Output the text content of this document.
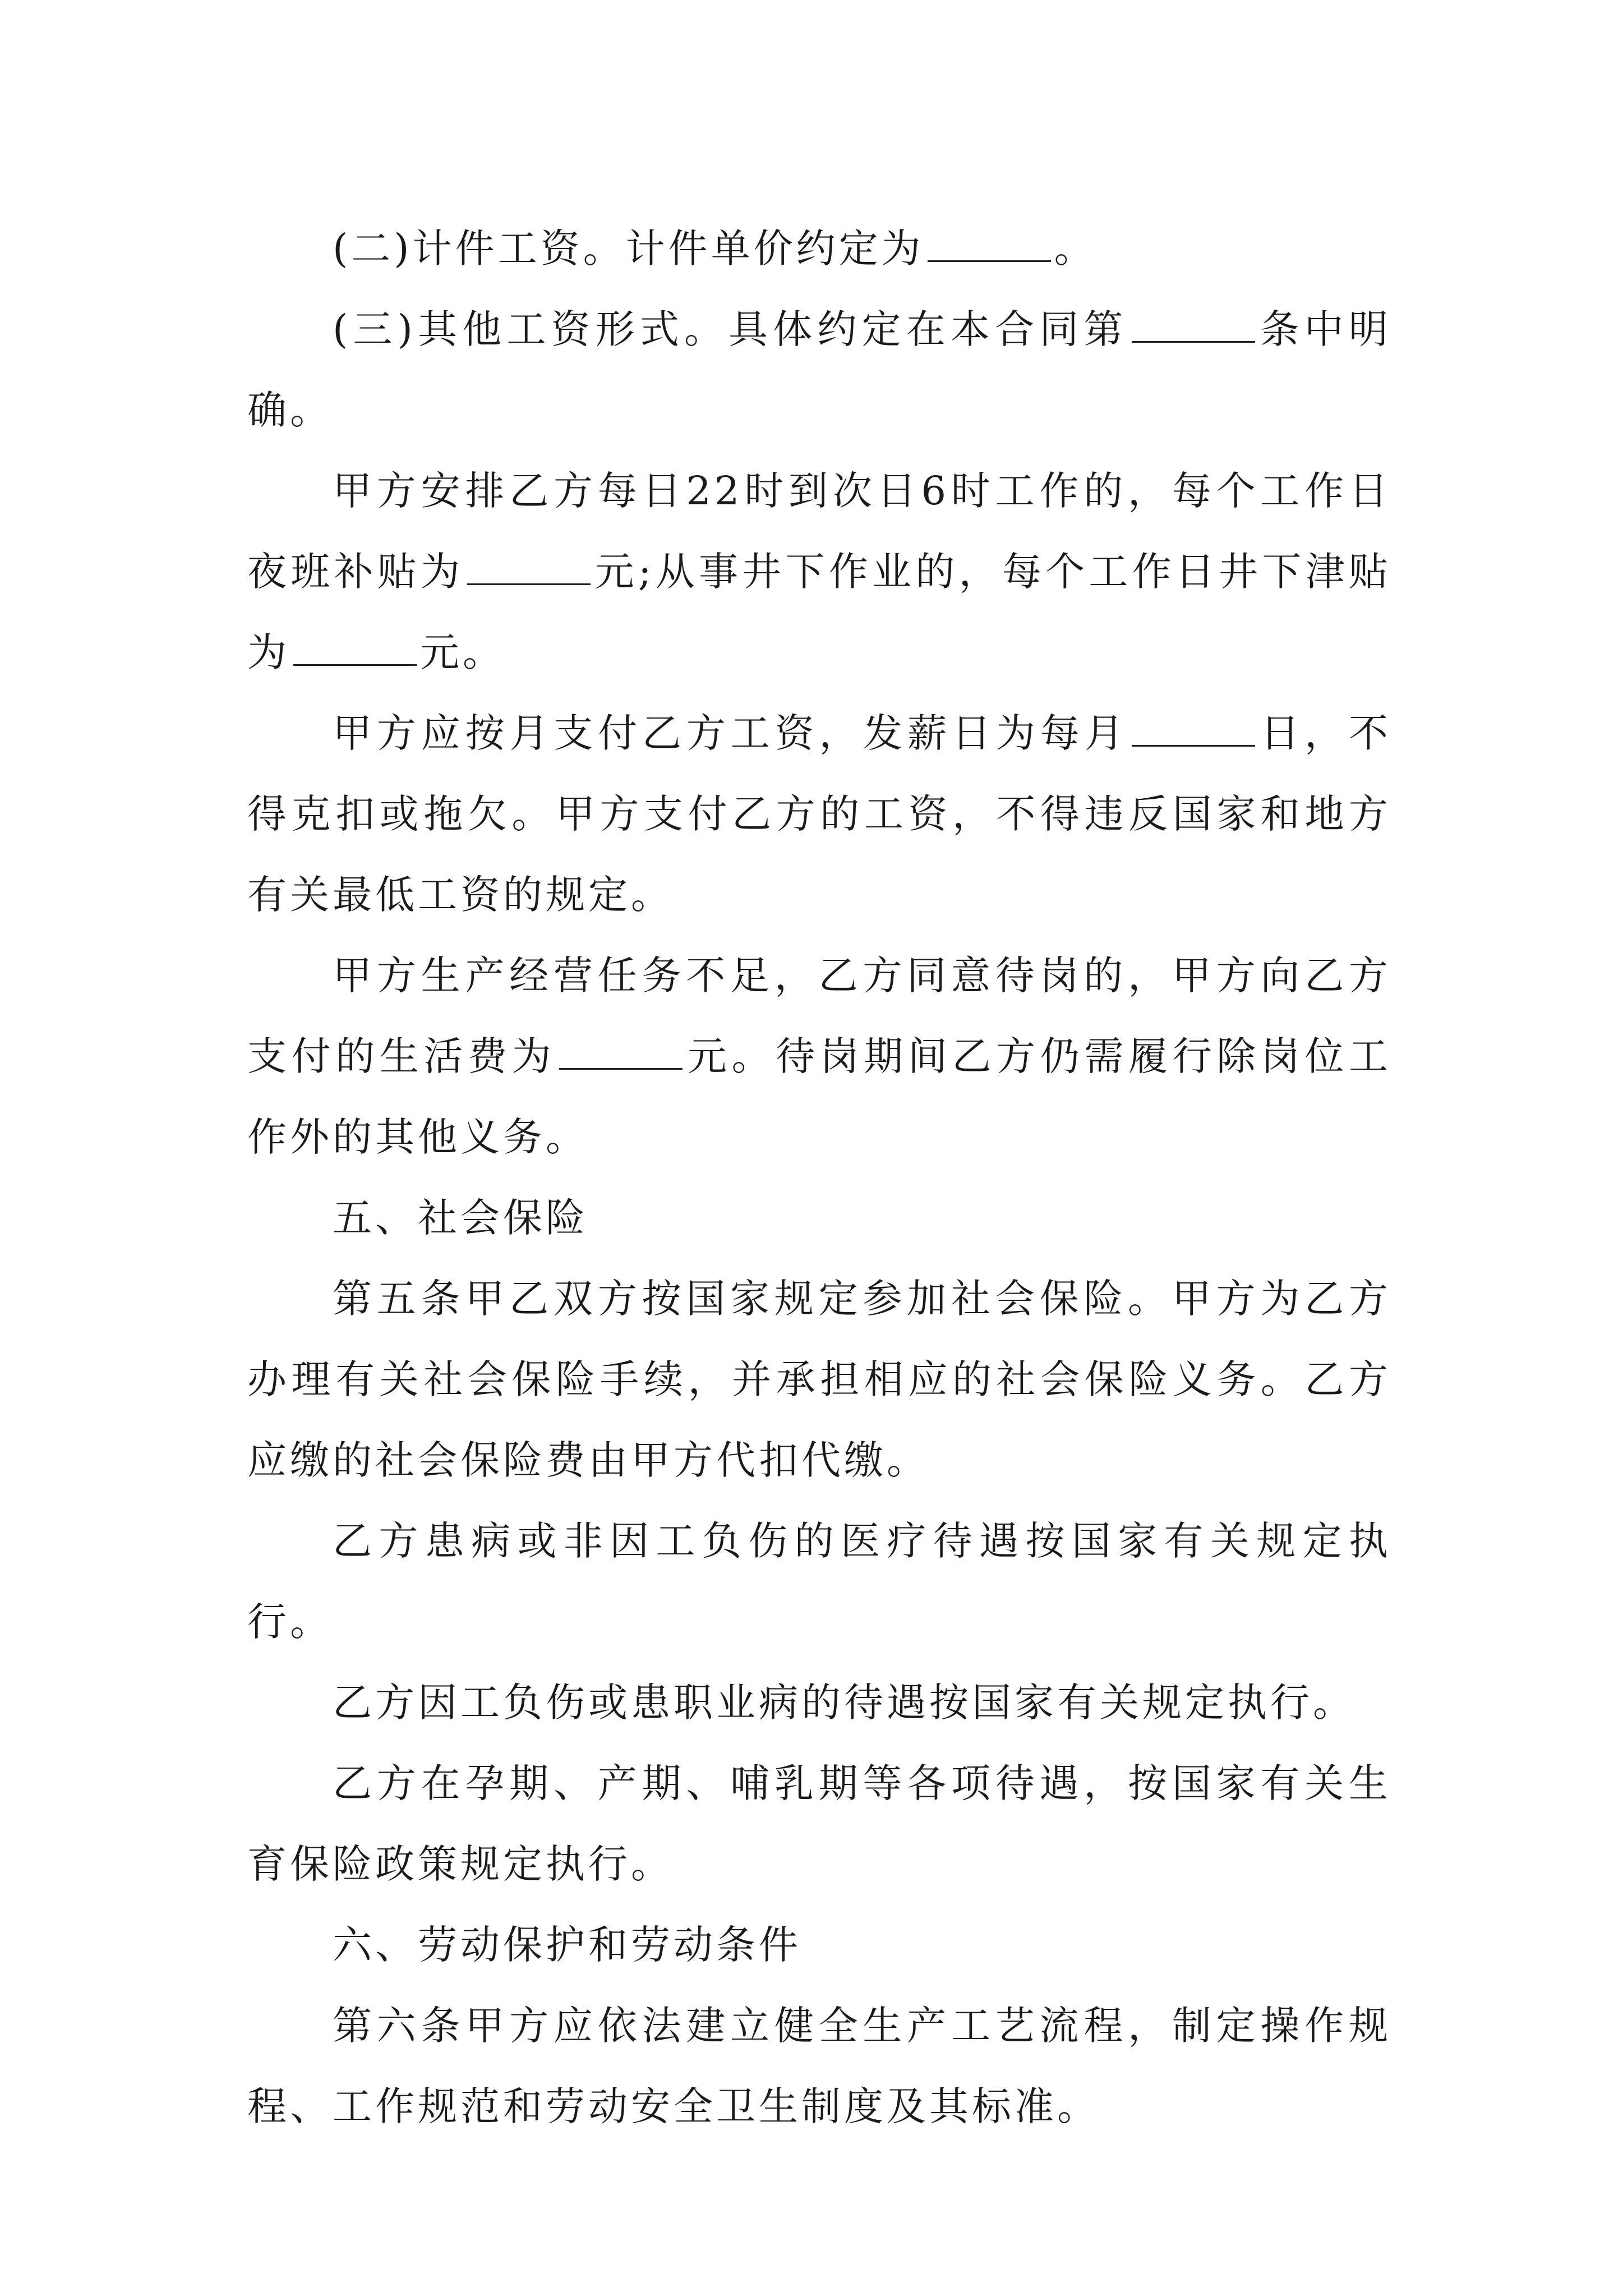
(二)计件工资。计件单价约定为	。

(三)其他工资形式。具体约定在本合同第	条中明确。

甲方安排乙方每日22时到次日6时工作的，每个工作日夜班补贴为	元;从事井下作业的，每个工作日井下津贴为	元。

甲方应按月支付乙方工资，发薪日为每月	日，不得克扣或拖欠。甲方支付乙方的工资，不得违反国家和地方有关最低工资的规定。

甲方生产经营任务不足，乙方同意待岗的，甲方向乙方支付的生活费为	元。待岗期间乙方仍需履行除岗位工作外的其他义务。

五、社会保险

第五条甲乙双方按国家规定参加社会保险。甲方为乙方办理有关社会保险手续，并承担相应的社会保险义务。乙方应缴的社会保险费由甲方代扣代缴。

乙方患病或非因工负伤的医疗待遇按国家有关规定执行。

乙方因工负伤或患职业病的待遇按国家有关规定执行。

乙方在孕期、产期、哺乳期等各项待遇，按国家有关生育保险政策规定执行。

六、劳动保护和劳动条件

第六条甲方应依法建立健全生产工艺流程，制定操作规程、工作规范和劳动安全卫生制度及其标准。
